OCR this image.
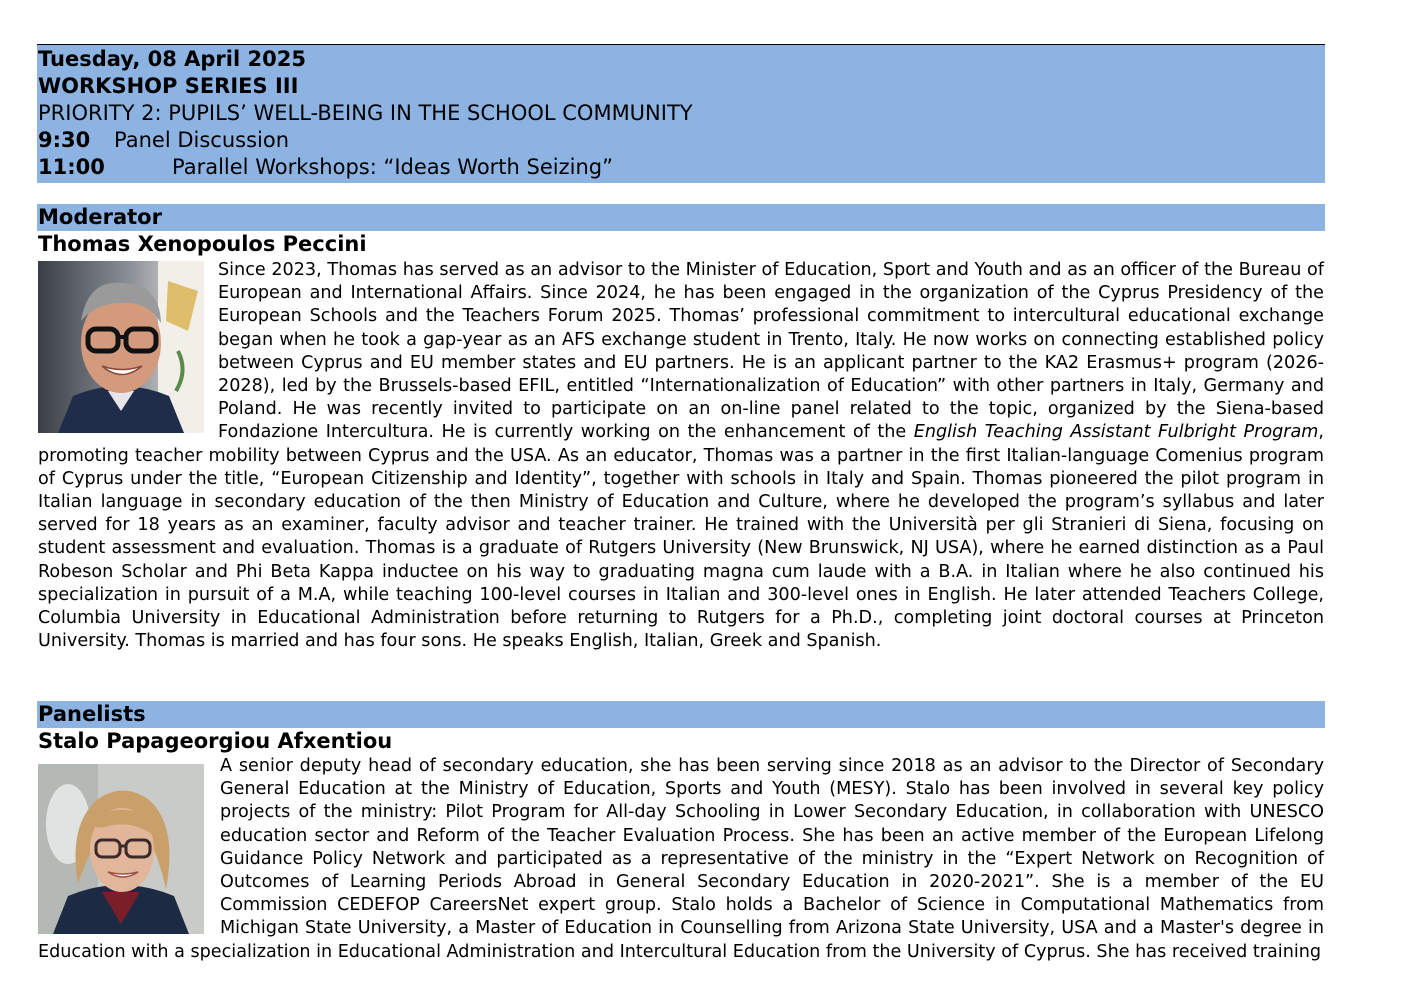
Tuesday, 08 April 2025
WORKSHOP SERIES III
PRIORITY 2: PUPILS’ WELL-BEING IN THE SCHOOL COMMUNITY
9:30 Panel Discussion
11:00	Parallel Workshops: “Ideas Worth Seizing”
Moderator
Thomas Xenopoulos Peccini

Since 2023, Thomas has served as an advisor to the Minister of Education, Sport and Youth and as an officer of the Bureau of European and International Affairs. Since 2024, he has been engaged in the organization of the Cyprus Presidency of the European Schools and the Teachers Forum 2025. Thomas’ professional commitment to intercultural educational exchange began when he took a gap-year as an AFS exchange student in Trento, Italy. He now works on connecting established policy between Cyprus and EU member states and EU partners. He is an applicant partner to the KA2 Erasmus+ program (2026-2028), led by the Brussels-based EFIL, entitled “Internationalization of Education” with other partners in Italy, Germany and Poland. He was recently invited to participate on an on-line panel related to the topic, organized by the Siena-based Fondazione Intercultura. He is currently working on the enhancement of the English Teaching Assistant Fulbright Program, promoting teacher mobility between Cyprus and the USA. As an educator, Thomas was a partner in the first Italian-language Comenius program of Cyprus under the title, “European Citizenship and Identity”, together with schools in Italy and Spain. Thomas pioneered the pilot program in Italian language in secondary education of the then Ministry of Education and Culture, where he developed the program’s syllabus and later served for 18 years as an examiner, faculty advisor and teacher trainer. He trained with the Università per gli Stranieri di Siena, focusing on student assessment and evaluation. Thomas is a graduate of Rutgers University (New Brunswick, NJ USA), where he earned distinction as a Paul Robeson Scholar and Phi Beta Kappa inductee on his way to graduating magna cum laude with a B.A. in Italian where he also continued his specialization in pursuit of a M.A, while teaching 100-level courses in Italian and 300-level ones in English. He later attended Teachers College, Columbia University in Educational Administration before returning to Rutgers for a Ph.D., completing joint doctoral courses at Princeton University. Thomas is married and has four sons. He speaks English, Italian, Greek and Spanish.

Panelists
Stalo Papageorgiou Afxentiou

A senior deputy head of secondary education, she has been serving since 2018 as an advisor to the Director of Secondary General Education at the Ministry of Education, Sports and Youth (MESY). Stalo has been involved in several key policy projects of the ministry: Pilot Program for All-day Schooling in Lower Secondary Education, in collaboration with UNESCO education sector and Reform of the Teacher Evaluation Process. She has been an active member of the European Lifelong Guidance Policy Network and participated as a representative of the ministry in the “Expert Network on Recognition of Outcomes of Learning Periods Abroad in General Secondary Education in 2020-2021”. She is a member of the EU Commission CEDEFOP CareersNet expert group. Stalo holds a Bachelor of Science in Computational Mathematics from Michigan State University, a Master of Education in Counselling from Arizona State University, USA and a Master's degree in Education with a specialization in Educational Administration and Intercultural Education from the University of Cyprus. She has received training
